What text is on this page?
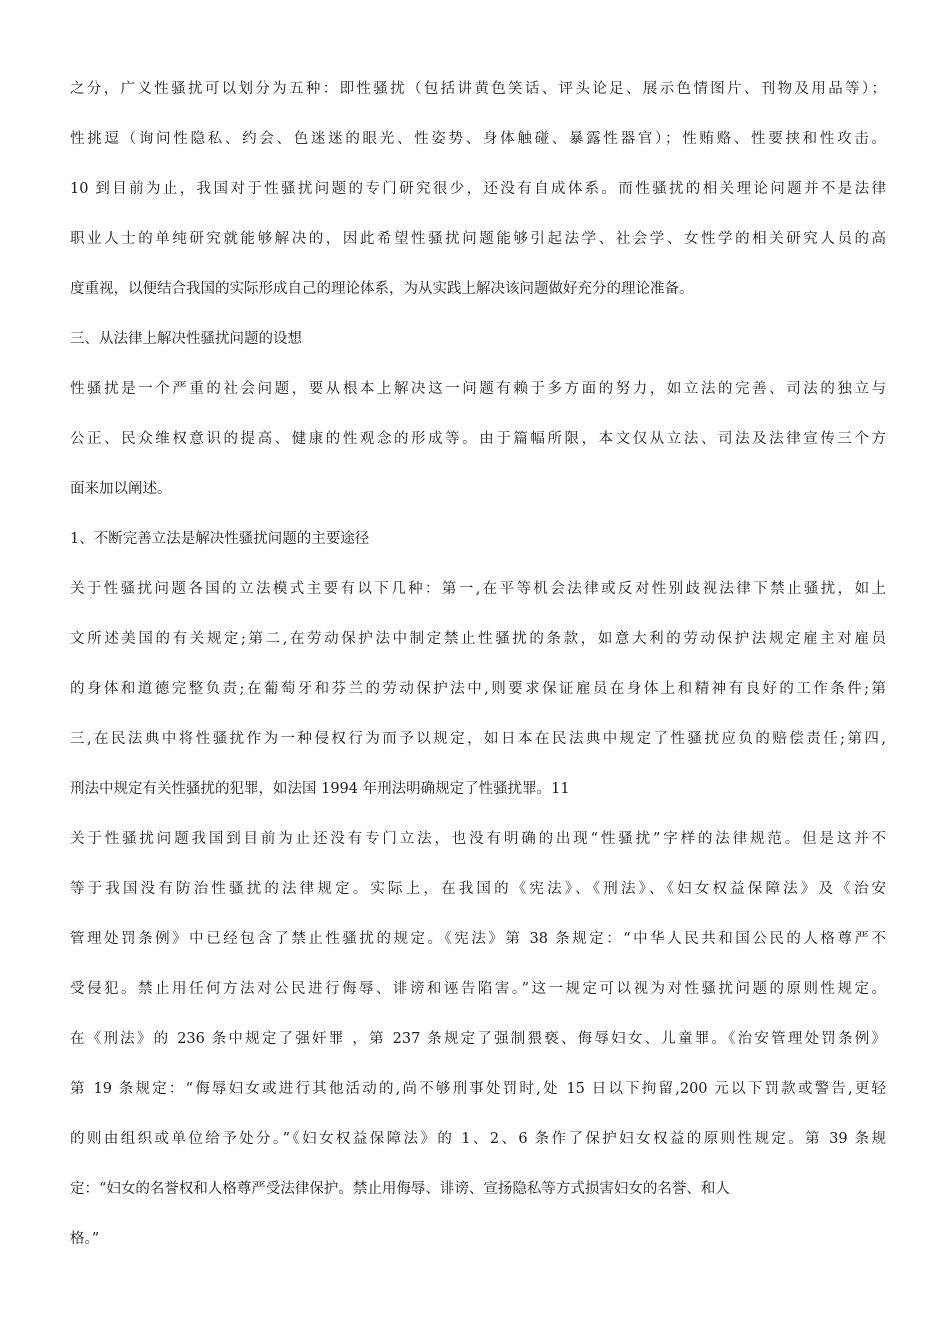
之分，广义性骚扰可以划分为五种：即性骚扰（包括讲黄色笑话、评头论足、展示色情图片、刊物及用品等）；
性挑逗（询问性隐私、约会、色迷迷的眼光、性姿势、身体触碰、暴露性器官）；性贿赂、性要挟和性攻击。
10 到目前为止，我国对于性骚扰问题的专门研究很少，还没有自成体系。而性骚扰的相关理论问题并不是法律
职业人士的单纯研究就能够解决的，因此希望性骚扰问题能够引起法学、社会学、女性学的相关研究人员的高
度重视，以便结合我国的实际形成自己的理论体系，为从实践上解决该问题做好充分的理论准备。
三、从法律上解决性骚扰问题的设想
性骚扰是一个严重的社会问题，要从根本上解决这一问题有赖于多方面的努力，如立法的完善、司法的独立与
公正、民众维权意识的提高、健康的性观念的形成等。由于篇幅所限，本文仅从立法、司法及法律宣传三个方
面来加以阐述。
1、不断完善立法是解决性骚扰问题的主要途径
关于性骚扰问题各国的立法模式主要有以下几种：第一,在平等机会法律或反对性别歧视法律下禁止骚扰，如上
文所述美国的有关规定;第二,在劳动保护法中制定禁止性骚扰的条款，如意大利的劳动保护法规定雇主对雇员
的身体和道德完整负责;在葡萄牙和芬兰的劳动保护法中,则要求保证雇员在身体上和精神有良好的工作条件;第
三,在民法典中将性骚扰作为一种侵权行为而予以规定，如日本在民法典中规定了性骚扰应负的赔偿责任;第四,
刑法中规定有关性骚扰的犯罪，如法国 1994 年刑法明确规定了性骚扰罪。11
关于性骚扰问题我国到目前为止还没有专门立法，也没有明确的出现“性骚扰”字样的法律规范。但是这并不
等于我国没有防治性骚扰的法律规定。实际上，在我国的《宪法》、《刑法》、《妇女权益保障法》及《治安
管理处罚条例》中已经包含了禁止性骚扰的规定。《宪法》第 38 条规定：“中华人民共和国公民的人格尊严不
受侵犯。禁止用任何方法对公民进行侮辱、诽谤和诬告陷害。”这一规定可以视为对性骚扰问题的原则性规定。
在《刑法》的 236 条中规定了强奸罪 ，第 237 条规定了强制猥亵、侮辱妇女、儿童罪。《治安管理处罚条例》
第 19 条规定：“侮辱妇女或进行其他活动的,尚不够刑事处罚时,处 15 日以下拘留,200 元以下罚款或警告,更轻
的则由组织或单位给予处分。”《妇女权益保障法》的 1、2、6 条作了保护妇女权益的原则性规定。第 39 条规
定：“妇女的名誉权和人格尊严受法律保护。禁止用侮辱、诽谤、宣扬隐私等方式损害妇女的名誉、和人
格。”
